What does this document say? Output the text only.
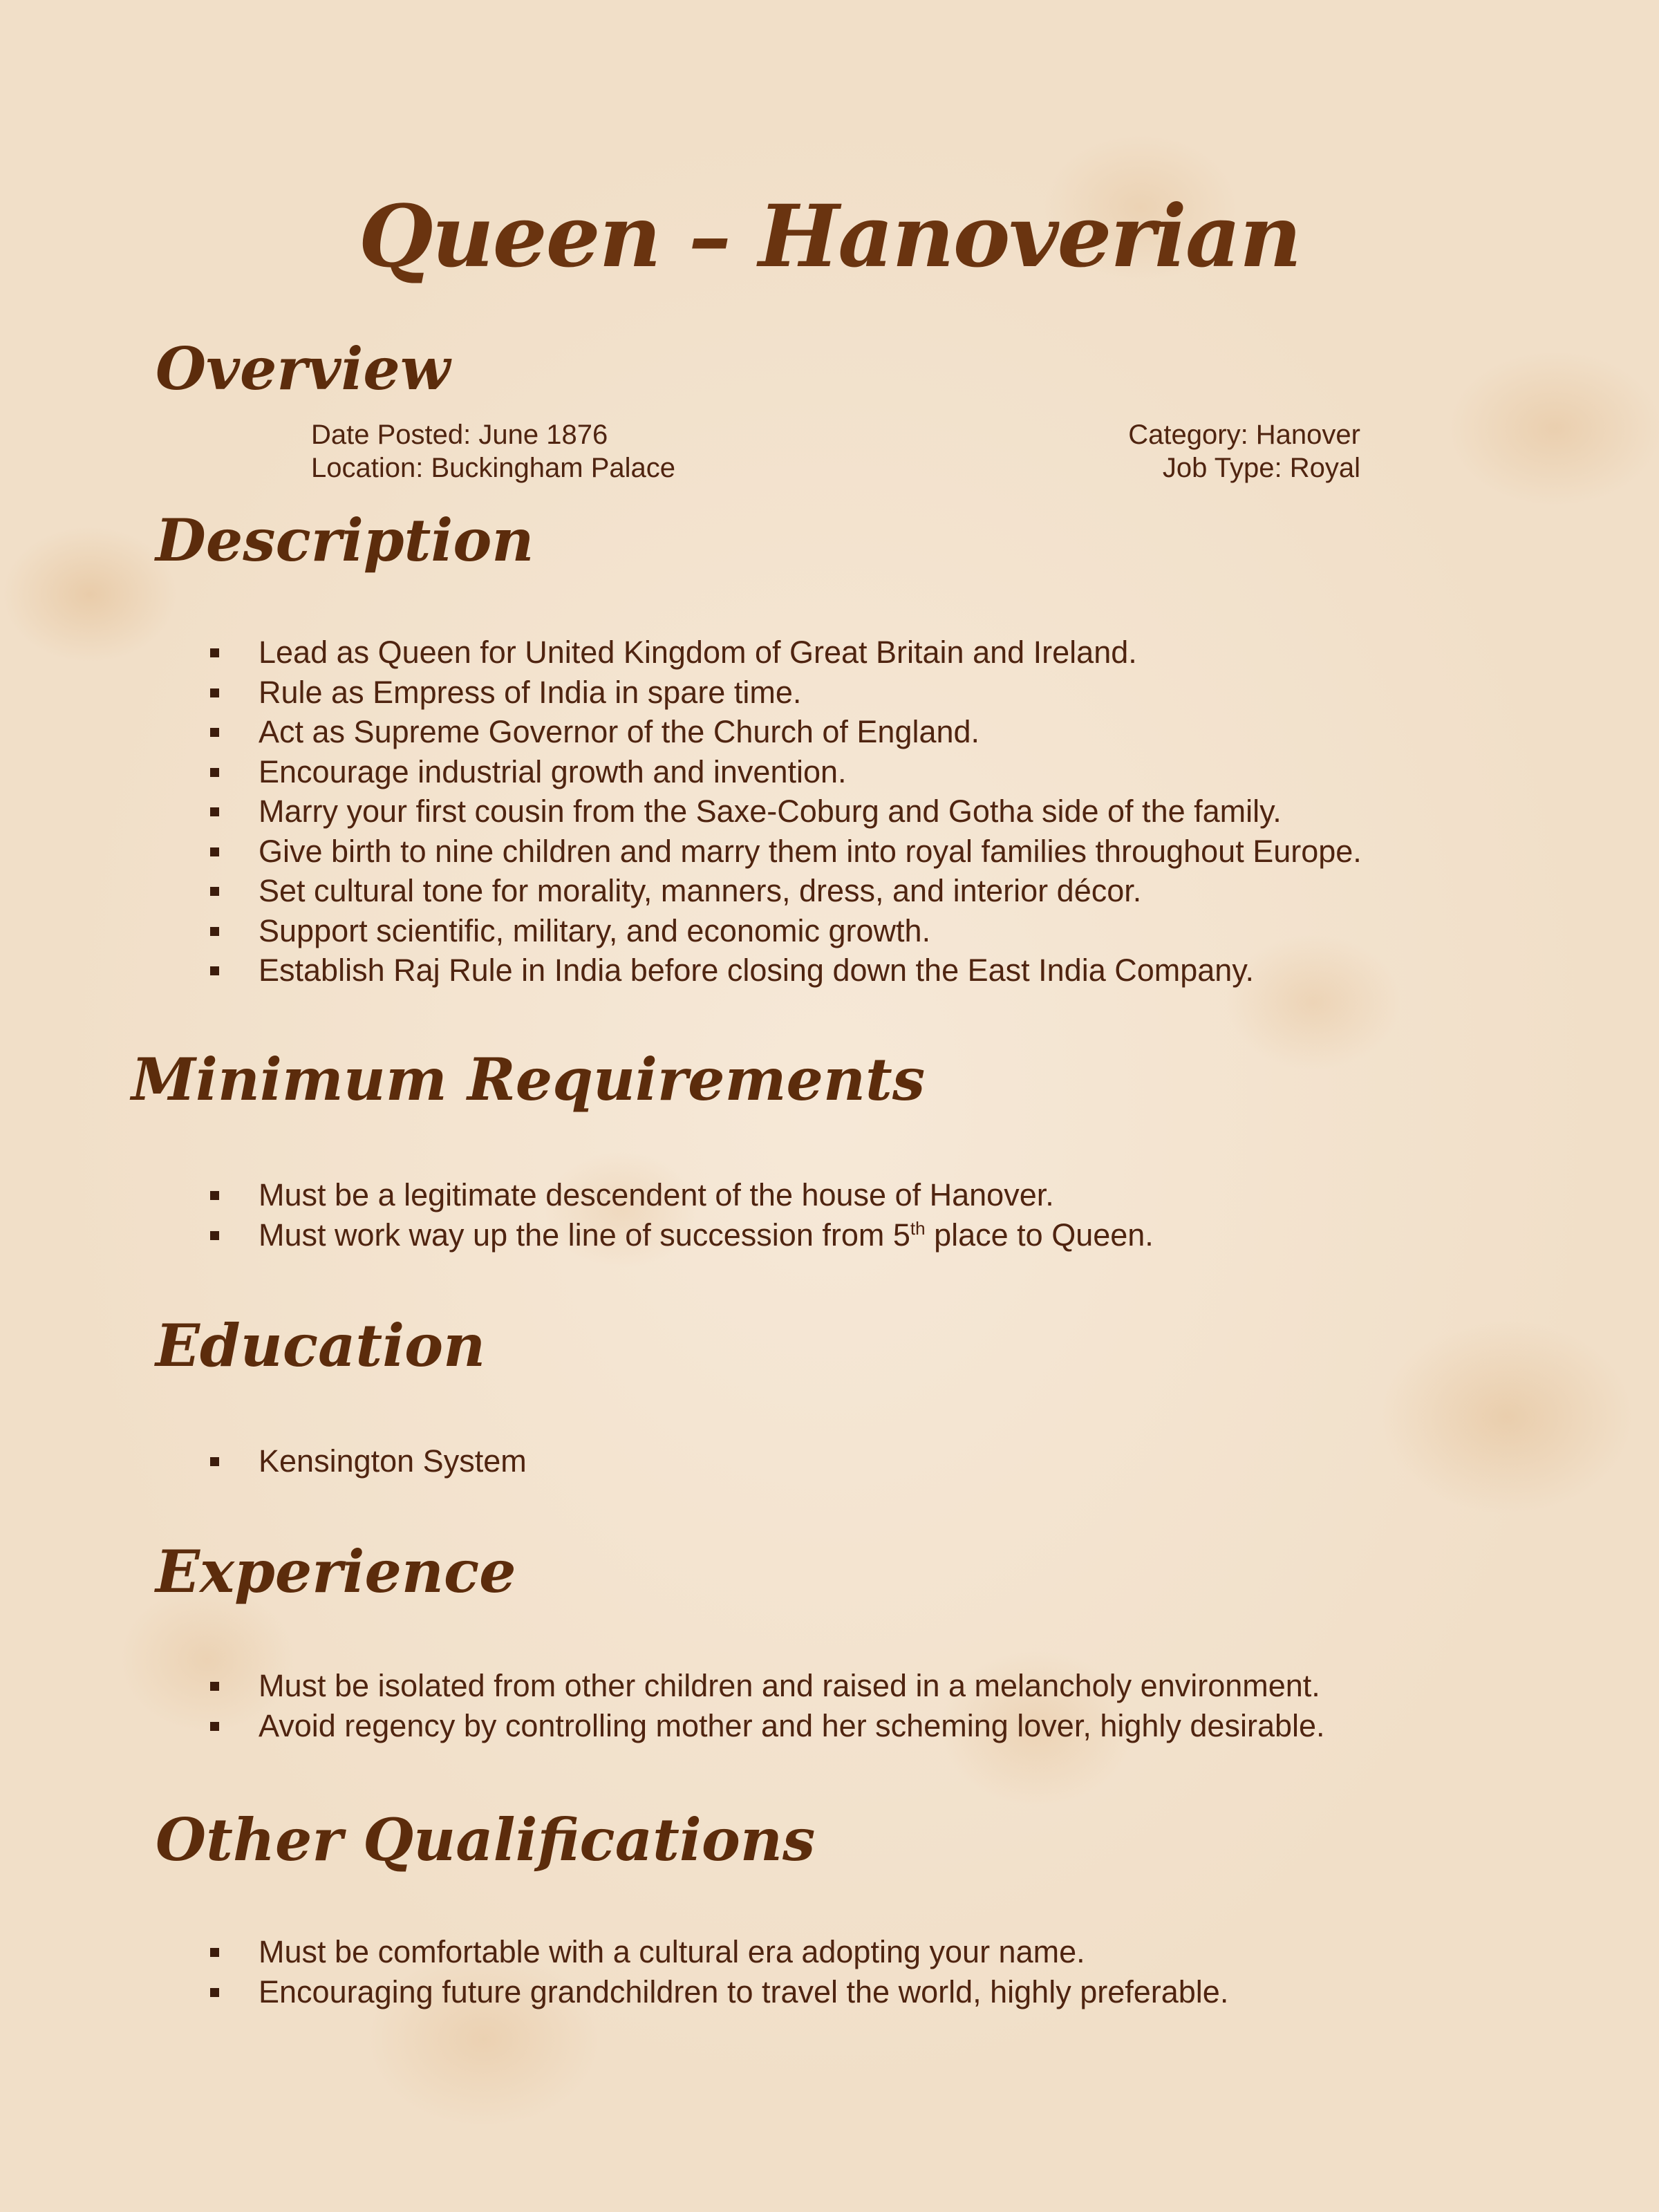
Queen – Hanoverian
Overview
Date Posted: June 1876
Location: Buckingham Palace
Category: Hanover
Job Type: Royal
Description
Lead as Queen for United Kingdom of Great Britain and Ireland.
Rule as Empress of India in spare time.
Act as Supreme Governor of the Church of England.
Encourage industrial growth and invention.
Marry your first cousin from the Saxe-Coburg and Gotha side of the family.
Give birth to nine children and marry them into royal families throughout Europe.
Set cultural tone for morality, manners, dress, and interior décor.
Support scientific, military, and economic growth.
Establish Raj Rule in India before closing down the East India Company.
Minimum Requirements
Must be a legitimate descendent of the house of Hanover.
Must work way up the line of succession from 5th place to Queen.
Education
Kensington System
Experience
Must be isolated from other children and raised in a melancholy environment.
Avoid regency by controlling mother and her scheming lover, highly desirable.
Other Qualifications
Must be comfortable with a cultural era adopting your name.
Encouraging future grandchildren to travel the world, highly preferable.
